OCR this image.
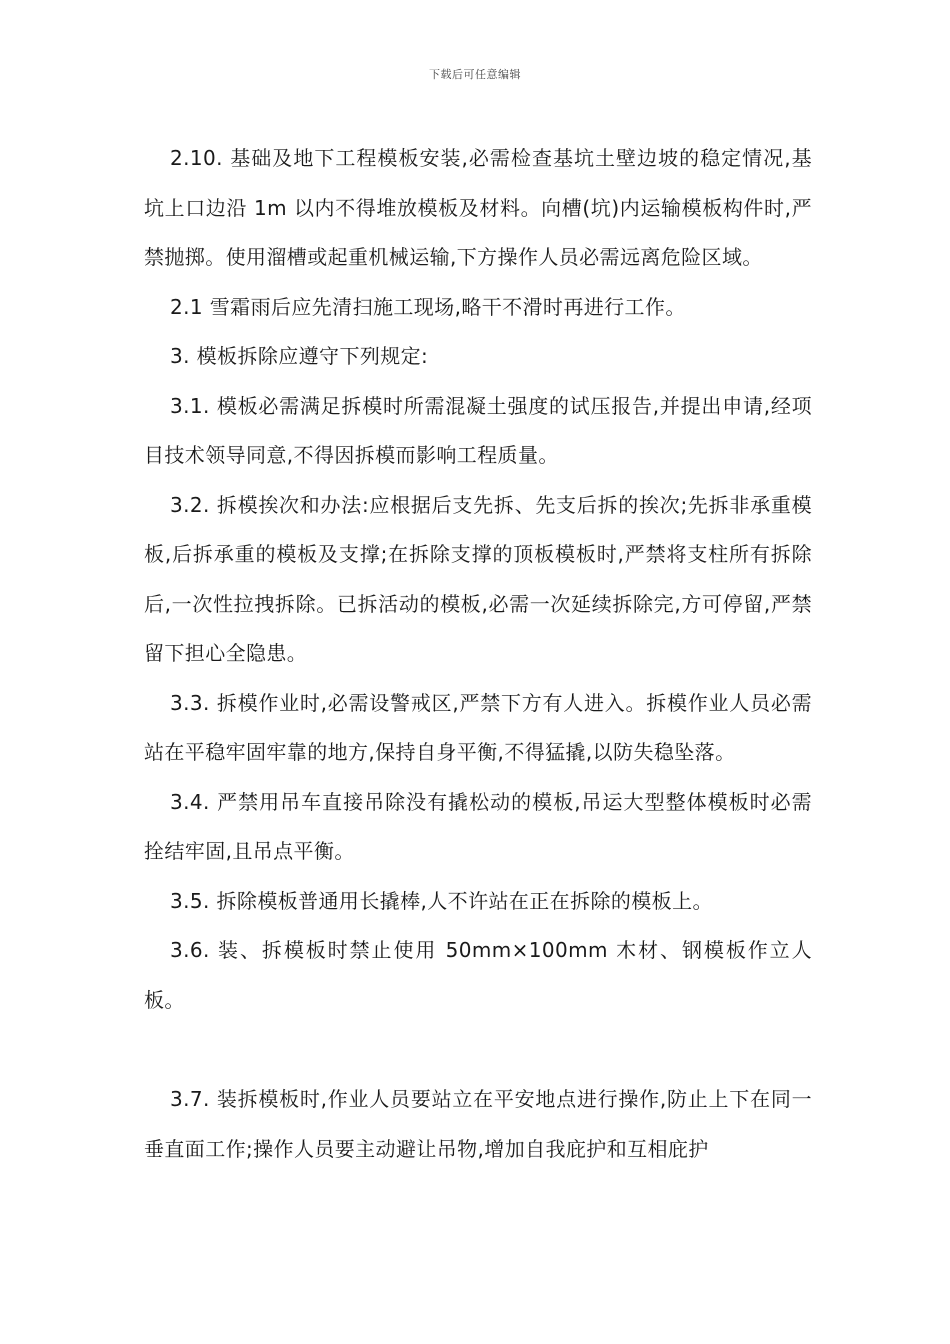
下载后可任意编辑

2.10. 基础及地下工程模板安装,必需检查基坑土壁边坡的稳定情况,基坑上口边沿 1m 以内不得堆放模板及材料。向槽(坑)内运输模板构件时,严禁抛掷。使用溜槽或起重机械运输,下方操作人员必需远离危险区域。

2.1 雪霜雨后应先清扫施工现场,略干不滑时再进行工作。

3. 模板拆除应遵守下列规定:

3.1. 模板必需满足拆模时所需混凝土强度的试压报告,并提出申请,经项目技术领导同意,不得因拆模而影响工程质量。

3.2. 拆模挨次和办法:应根据后支先拆、先支后拆的挨次;先拆非承重模板,后拆承重的模板及支撑;在拆除支撑的顶板模板时,严禁将支柱所有拆除后,一次性拉拽拆除。已拆活动的模板,必需一次延续拆除完,方可停留,严禁留下担心全隐患。

3.3. 拆模作业时,必需设警戒区,严禁下方有人进入。拆模作业人员必需站在平稳牢固牢靠的地方,保持自身平衡,不得猛撬,以防失稳坠落。

3.4. 严禁用吊车直接吊除没有撬松动的模板,吊运大型整体模板时必需拴结牢固,且吊点平衡。

3.5. 拆除模板普通用长撬棒,人不许站在正在拆除的模板上。

3.6. 装、拆模板时禁止使用 50mm×100mm 木材、钢模板作立人板。

3.7. 装拆模板时,作业人员要站立在平安地点进行操作,防止上下在同一垂直面工作;操作人员要主动避让吊物,增加自我庇护和互相庇护
